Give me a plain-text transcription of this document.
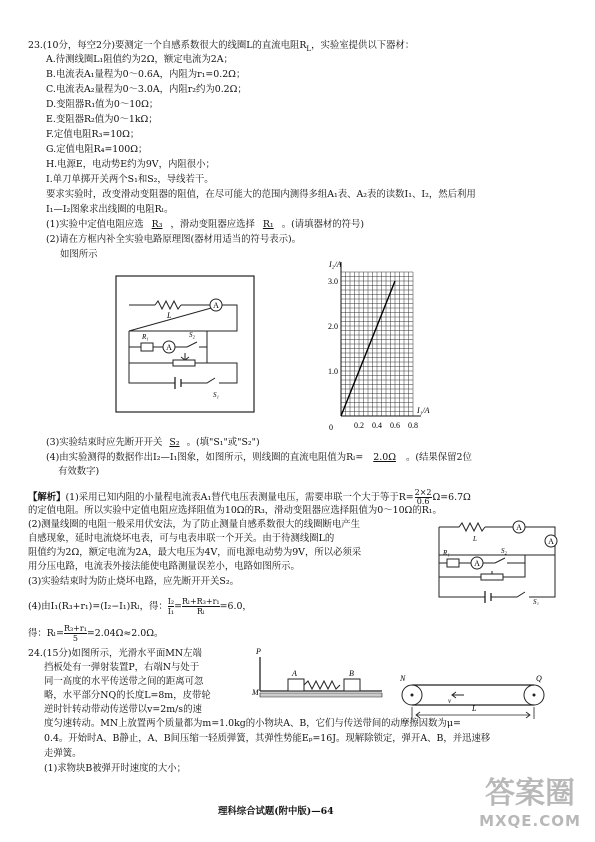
23.(10分，每空2分)要测定一个自感系数很大的线圈L的直流电阻$R_L$，实验室提供以下器材：
A.待测线圈L₁阻值约为2Ω，额定电流为2A；
B.电流表A₁量程为0～0.6A，内阻为r₁=0.2Ω；
C.电流表A₂量程为0～3.0A，内阻r₂约为0.2Ω；
D.变阻器R₁值为0～10Ω；
E.变阻器R₂值为0～1kΩ；
F.定值电阻R₃=10Ω；
G.定值电阻R₄=100Ω；
H.电源E，电动势E约为9V，内阻很小；
I.单刀单掷开关两个S₁和S₂，导线若干。
要求实验时，改变滑动变阻器的阻值，在尽可能大的范围内测得多组A₁表、A₂表的读数I₁、I₂，然后利用
I₁—I₂图象求出线圈的电阻Rₗ。
(1)实验中定值电阻应选 R₃ ，滑动变阻器应选择 R₁ 。(请填器材的符号)
(2)请在方框内补全实验电路原理图(器材用适当的符号表示)。
如图所示
A
L
A
R₁	S₂
S₁
0.2 0.4 0.6 0.8
1.0
2.0
3.0
I₂/A
I₁/A
0
(3)实验结束时应先断开开关 S₂ 。(填"S₁"或"S₂")
(4)由实验测得的数据作出I₂—I₁图象，如图所示，则线圈的直流电阻值为Rₗ= 2.0Ω 。(结果保留2位
有效数字)
【解析】(1)采用已知内阻的小量程电流表A₁替代电压表测量电压，需要串联一个大于等于$R= \frac{2\times 2}{0.6} \Omega=6.7\Omega$
的定值电阻。所以实验中定值电阻应选择阻值为10Ω的R₃，滑动变阻器应选择阻值为0～10Ω的R₁。
(2)测量线圈的电阻一般采用伏安法，为了防止测量自感系数很大的线圈断电产生
自感现象，延时电流烧坏电表，可与电表串联一个开关。由于待测线圈L的
阻值约为2Ω，额定电流为2A，最大电压为4V，而电源电动势为9V，所以必须采
用分压电路，电流表外接法能使电路测量误差小，电路如图所示。
(3)实验结束时为防止烧坏电路，应先断开开关S₂。
(4)由I₁(R₃+r₁)=(I₂−I₁)Rₗ，得： $\frac{\text{I₂}}{\text{I₁}} = \frac{\text{Rₗ+R₃+r₁}}{\text{Rₗ}} =6.0$，
得：$R_l= \frac{\text{R₃+r₁}}{5} =2.04\Omega\approx 2.0\Omega$。
A
A
L
A
R₁	S₂
S₁
24.(15分)如图所示，光滑水平面MN左端
挡板处有一弹射装置P，右端N与处于
同一高度的水平传送带之间的距离可忽
略，水平部分NQ的长度L=8m，皮带轮
逆时针转动带动传送带以v=2m/s的速
度匀速转动。MN上放置两个质量都为m=1.0kg的小物块A、B，它们与传送带间的动摩擦因数为μ=
0.4。开始时A、B静止，A、B间压缩一轻质弹簧，其弹性势能Eₚ=16J。现解除锁定，弹开A、B，并迅速移
走弹簧。
(1)求物块B被弹开时速度的大小；
P
M
A	B
N	Q
v
L
理科综合试题(附中版)—64
答案圈
MXQE.COM
